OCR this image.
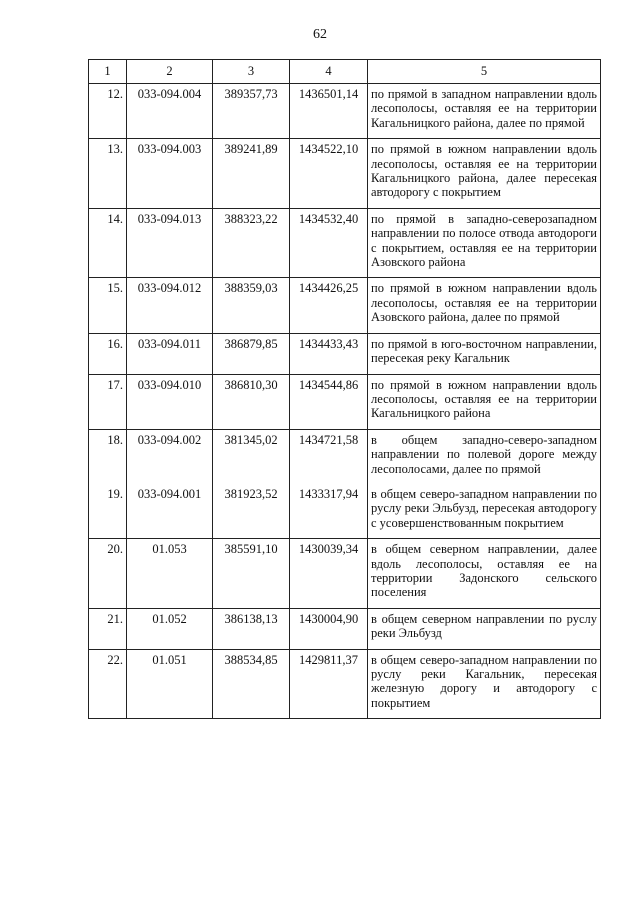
62
1	2	3	4	5
12.	033-094.004	389357,73	1436501,14	по прямой в западном направлении вдоль лесополосы, оставляя ее на территории Кагальницкого района, далее по прямой
13.	033-094.003	389241,89	1434522,10	по прямой в южном направлении вдоль лесополосы, оставляя ее на территории Кагальницкого района, далее пересекая автодорогу с покрытием
14.	033-094.013	388323,22	1434532,40	по прямой в западно-северозападном направлении по полосе отвода автодороги с покрытием, оставляя ее на территории Азовского района
15.	033-094.012	388359,03	1434426,25	по прямой в южном направлении вдоль лесополосы, оставляя ее на территории Азовского района, далее по прямой
16.	033-094.011	386879,85	1434433,43	по прямой в юго-восточном направлении, пересекая реку Кагальник
17.	033-094.010	386810,30	1434544,86	по прямой в южном направлении вдоль лесополосы, оставляя ее на территории Кагальницкого района
18.	033-094.002	381345,02	1434721,58	в общем западно-северо-западном направлении по полевой дороге между лесополосами, далее по прямой
19.	033-094.001	381923,52	1433317,94	в общем северо-западном направлении по руслу реки Эльбузд, пересекая автодорогу с усовершенствованным покрытием
20.	01.053	385591,10	1430039,34	в общем северном направлении, далее вдоль лесополосы, оставляя ее на территории Задонского сельского поселения
21.	01.052	386138,13	1430004,90	в общем северном направлении по руслу реки Эльбузд
22.	01.051	388534,85	1429811,37	в общем северо-западном направлении по руслу реки Кагальник, пересекая железную дорогу и автодорогу с покрытием
